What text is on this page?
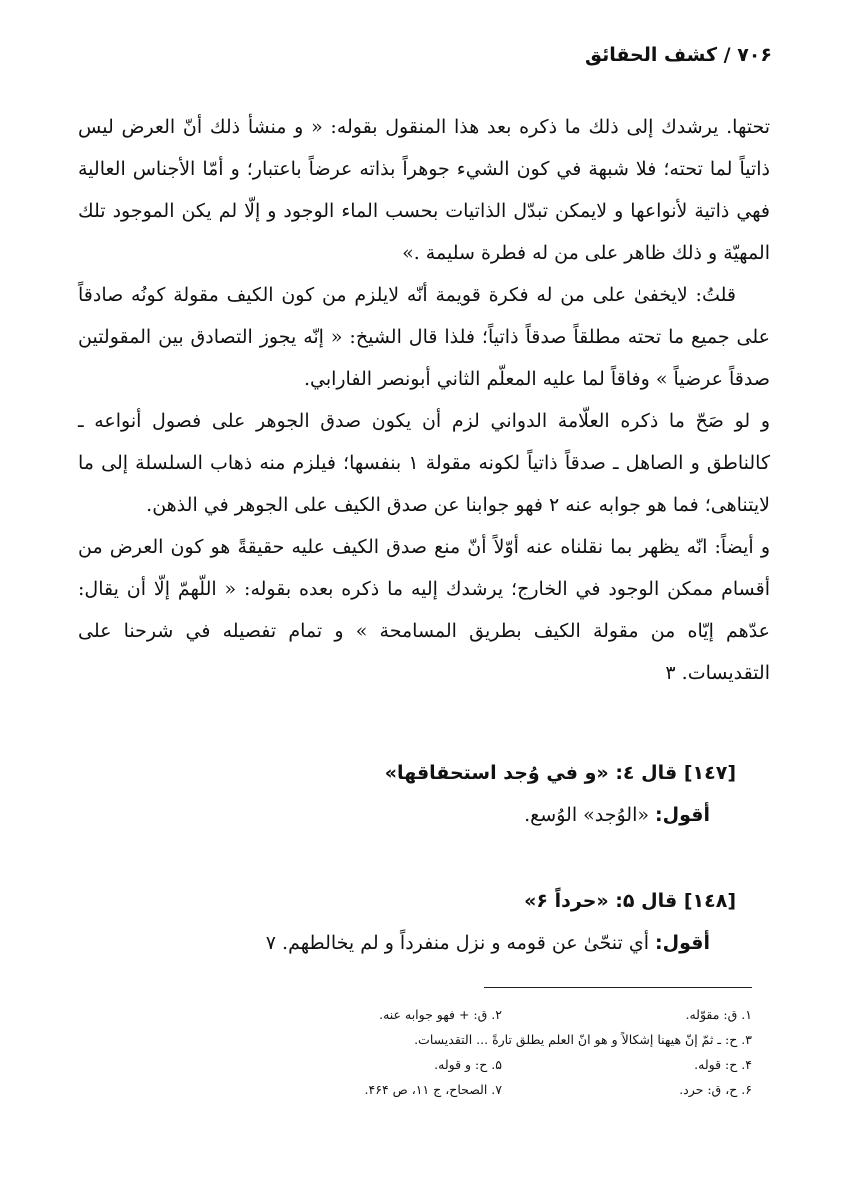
٧٠۶ / کشف الحقائق

تحتها. يرشدك إلى ذلك ما ذكره بعد هذا المنقول بقوله: « و منشأ ذلك أنّ العرض ليس ذاتياً لما تحته؛ فلا شبهة في كون الشيء جوهراً بذاته عرضاً باعتبار؛ و أمّا الأجناس العالية فهي ذاتية لأنواعها و لايمكن تبدّل الذاتيات بحسب الماء الوجود و إلّا لم يكن الموجود تلك المهيّة و ذلك ظاهر على من له فطرة سليمة .»

قلتُ: لايخفىٰ على من له فكرة قويمة أنّه لايلزم من كون الكيف مقولة كونُه صادقاً على جميع ما تحته مطلقاً صدقاً ذاتياً؛ فلذا قال الشيخ: « إنّه يجوز التصادق بين المقولتين صدقاً عرضياً » وفاقاً لما عليه المعلّم الثاني أبونصر الفارابي.

و لو صَحّ ما ذكره العلّامة الدواني لزم أن يكون صدق الجوهر على فصول أنواعه ـ كالناطق و الصاهل ـ صدقاً ذاتياً لكونه مقولة ١ بنفسها؛ فيلزم منه ذهاب السلسلة إلى ما لايتناهى؛ فما هو جوابه عنه ٢ فهو جوابنا عن صدق الكيف على الجوهر في الذهن.

و أيضاً: انّه يظهر بما نقلناه عنه أوّلاً أنّ منع صدق الكيف عليه حقيقةً هو كون العرض من أقسام ممكن الوجود في الخارج؛ يرشدك إليه ما ذكره بعده بقوله: « اللّهمّ إلّا أن يقال: عدّهم إيّاه من مقولة الكيف بطريق المسامحة » و تمام تفصيله في شرحنا على التقديسات. ٣

[١٤٧] قال ٤: «و في وُجد استحقاقها»
أقول: «الوُجد» الوُسع.
[١٤٨] قال ۵: «حرداً ۶»
أقول: أي تنحّىٰ عن قومه و نزل منفرداً و لم يخالطهم. ٧
١. ق: مقوّله.
٢. ق: + فهو جوابه عنه.
٣. ح: ـ ثمّ إنّ هيهنا إشكالاً و هو انّ العلم يطلق تارةً ... التقديسات.
۴. ح: قوله.
۵. ح: و قوله.
۶. ح، ق: حرد.
٧. الصحاح، ج ١١، ص ۴۶۴.
